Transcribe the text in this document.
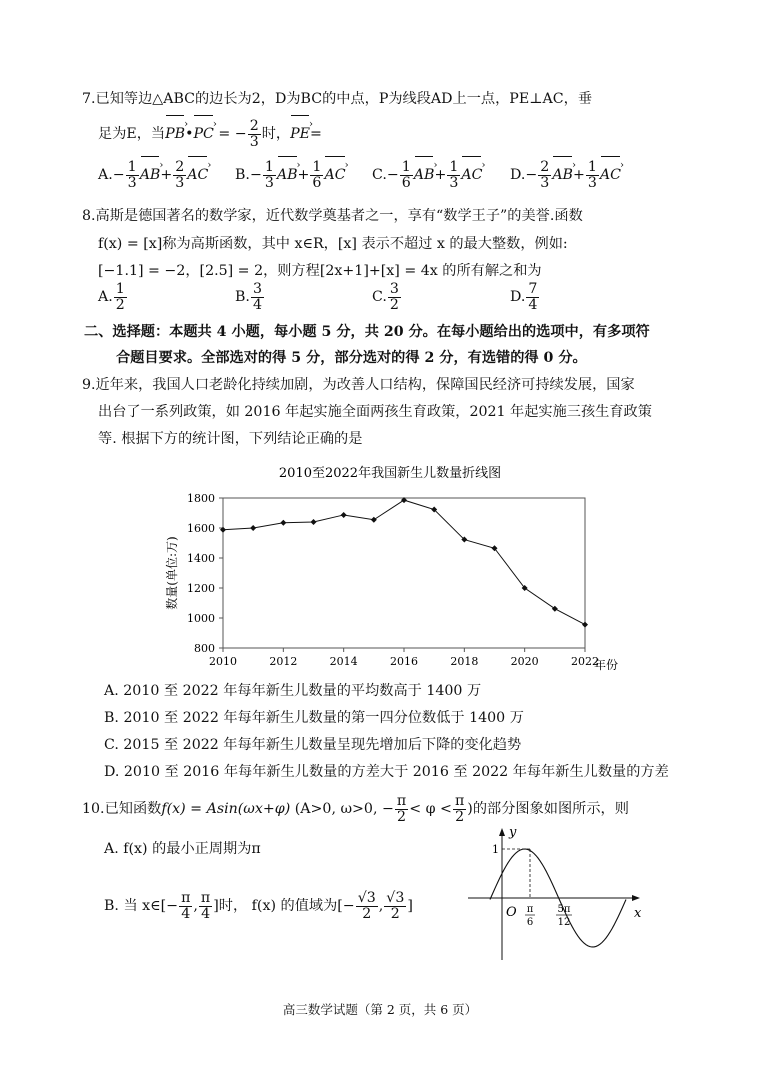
7.已知等边△ABC的边长为2，D为BC的中点，P为线段AD上一点，PE⊥AC，垂
足为E，当PB ›•PC › = − $\frac{2}{3}$ 时，PE ›=
$A.- \frac{1}{3}$ AB ›+ $\frac{2}{3}$ AC › $B.- \frac{1}{3}$ AB ›+ $\frac{1}{6}$ AC › $C.- \frac{1}{6}$ AB ›+ $\frac{1}{3}$ AC › $D.- \frac{2}{3}$ AB ›+ $\frac{1}{3}$ AC ›
8.高斯是德国著名的数学家，近代数学奠基者之一，享有“数学王子”的美誉.函数
f(x) = [x]称为高斯函数，其中 x∈R，[x] 表示不超过 x 的最大整数，例如:
[−1.1] = −2，[2.5] = 2，则方程[2x+1]+[x] = 4x 的所有解之和为
A. $\frac{1}{2}$	B. $\frac{3}{4}$	C. $\frac{3}{2}$	D. $\frac{7}{4}$
二、选择题：本题共 4 小题，每小题 5 分，共 20 分。在每小题给出的选项中，有多项符
合题目要求。全部选对的得 5 分，部分选对的得 2 分，有选错的得 0 分。
9.近年来，我国人口老龄化持续加剧，为改善人口结构，保障国民经济可持续发展，国家
出台了一系列政策，如 2016 年起实施全面两孩生育政策，2021 年起实施三孩生育政策
等. 根据下方的统计图，下列结论正确的是
2010至2022年我国新生儿数量折线图
800
1000
1200
1400
1600
1800
2010	2012	2014	2016	2018	2020	2022
数量(单位:万)
年份
A. 2010 至 2022 年每年新生儿数量的平均数高于 1400 万
B. 2010 至 2022 年每年新生儿数量的第一四分位数低于 1400 万
C. 2015 至 2022 年每年新生儿数量呈现先增加后下降的变化趋势
D. 2010 至 2016 年每年新生儿数量的方差大于 2016 至 2022 年每年新生儿数量的方差
10.已知函数f(x) = Asin(ωx+φ) (A>0, ω>0, − $\frac{\pi}{2} < \varphi < \frac{\pi}{2}$ )的部分图象如图所示，则
A. f(x) 的最小正周期为π
B. 当 x∈[− $\frac{\pi}{4}$ , $\frac{\pi}{4}$ ]时， f(x) 的值域为[− $\frac{√3}{2}$ , $\frac{√3}{2}$ ]
y
x
O
1
π
6
5π
12
高三数学试题（第 2 页，共 6 页）
